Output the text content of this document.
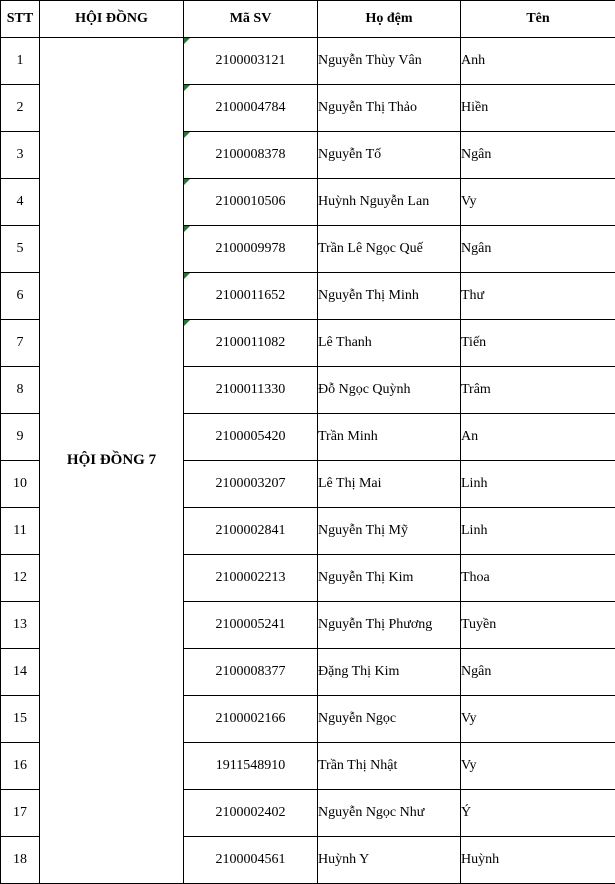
STT	HỘI ĐỒNG	Mã SV	Họ đệm	Tên
1	HỘI ĐỒNG 7	2100003121	Nguyễn Thùy Vân	Anh
2		2100004784	Nguyễn Thị Thảo	Hiền
3		2100008378	Nguyễn Tố	Ngân
4		2100010506	Huỳnh Nguyễn Lan	Vy
5		2100009978	Trần Lê Ngọc Quế	Ngân
6		2100011652	Nguyễn Thị Minh	Thư
7		2100011082	Lê Thanh	Tiến
8		2100011330	Đỗ Ngọc Quỳnh	Trâm
9		2100005420	Trần Minh	An
10		2100003207	Lê Thị Mai	Linh
11		2100002841	Nguyễn Thị Mỹ	Linh
12		2100002213	Nguyễn Thị Kim	Thoa
13		2100005241	Nguyễn Thị Phương	Tuyền
14		2100008377	Đặng Thị Kim	Ngân
15		2100002166	Nguyễn Ngọc	Vy
16		1911548910	Trần Thị Nhật	Vy
17		2100002402	Nguyễn Ngọc Như	Ý
18		2100004561	Huỳnh Y	Huỳnh
